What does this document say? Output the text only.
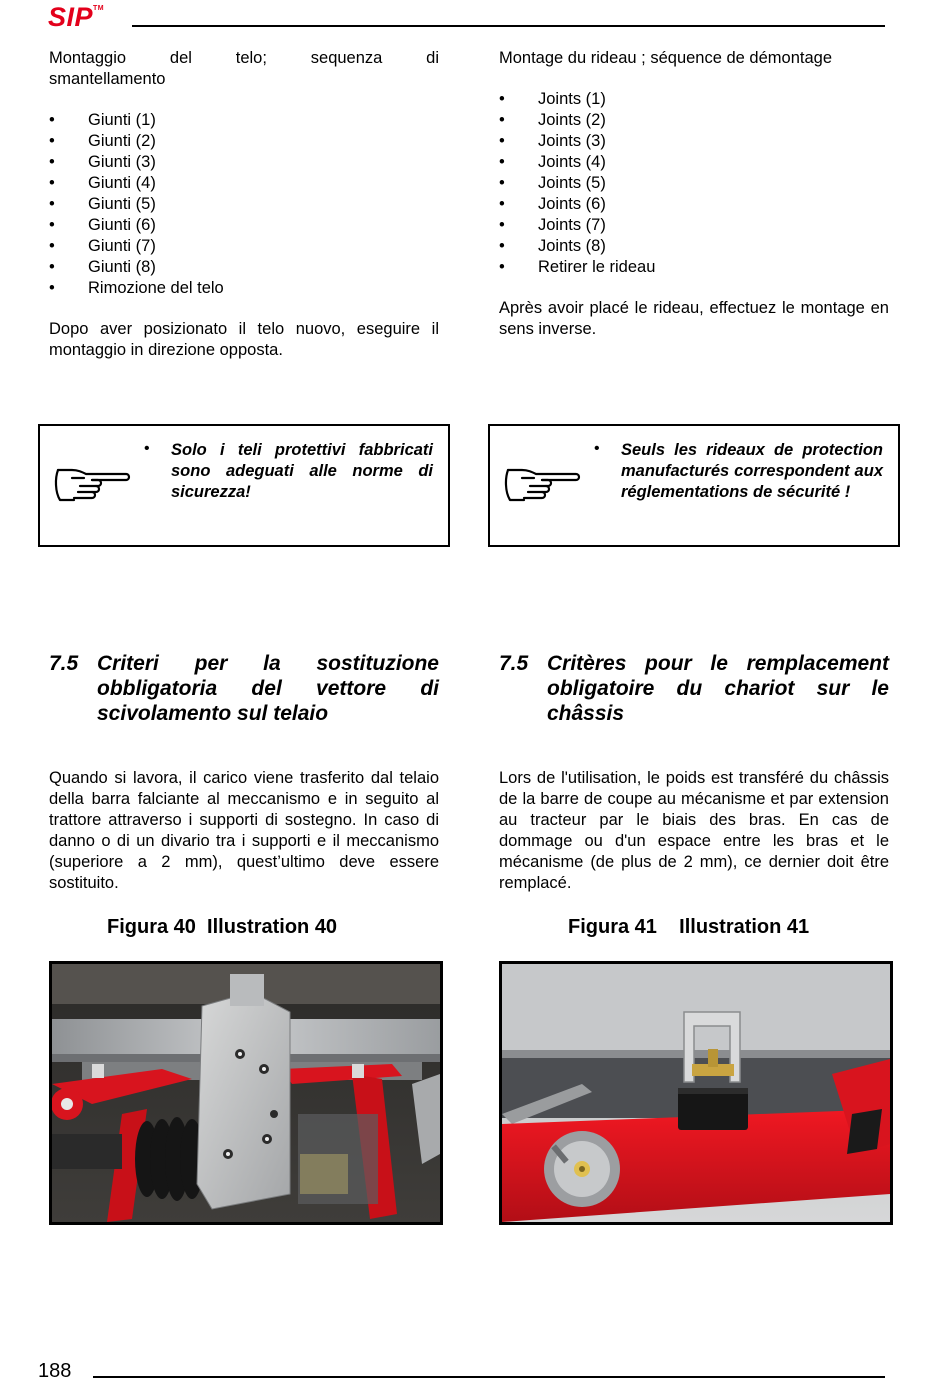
SIP™
Montaggio	del	telo;	sequenza	di
smantellamento
• Giunti (1)
• Giunti (2)
• Giunti (3)
• Giunti (4)
• Giunti (5)
• Giunti (6)
• Giunti (7)
• Giunti (8)
• Rimozione del telo
Dopo aver posizionato il telo nuovo, eseguire il montaggio in direzione opposta.
Montage du rideau ; séquence de démontage
• Joints (1)
• Joints (2)
• Joints (3)
• Joints (4)
• Joints (5)
• Joints (6)
• Joints (7)
• Joints (8)
• Retirer le rideau
Après avoir placé le rideau, effectuez le montage en sens inverse.
• Solo i teli protettivi fabbricati sono adeguati alle norme di sicurezza!
• Seuls les rideaux de protection manufacturés correspondent aux réglementations de sécurité !
7.5 Criteri per la sostituzione obbligatoria del vettore di scivolamento sul telaio
7.5 Critères pour le remplacement obligatoire du chariot sur le châssis
Quando si lavora, il carico viene trasferito dal telaio della barra falciante al meccanismo e in seguito al trattore attraverso i supporti di sostegno. In caso di danno o di un divario tra i supporti e il meccanismo (superiore a 2 mm), quest’ultimo deve essere sostituito.
Lors de l'utilisation, le poids est transféré du châssis de la barre de coupe au mécanisme et par extension au tracteur par le biais des bras. En cas de dommage ou d'un espace entre les bras et le mécanisme (de plus de 2 mm), ce dernier doit être remplacé.
Figura 40  Illustration 40	Figura 41    Illustration 41
188
